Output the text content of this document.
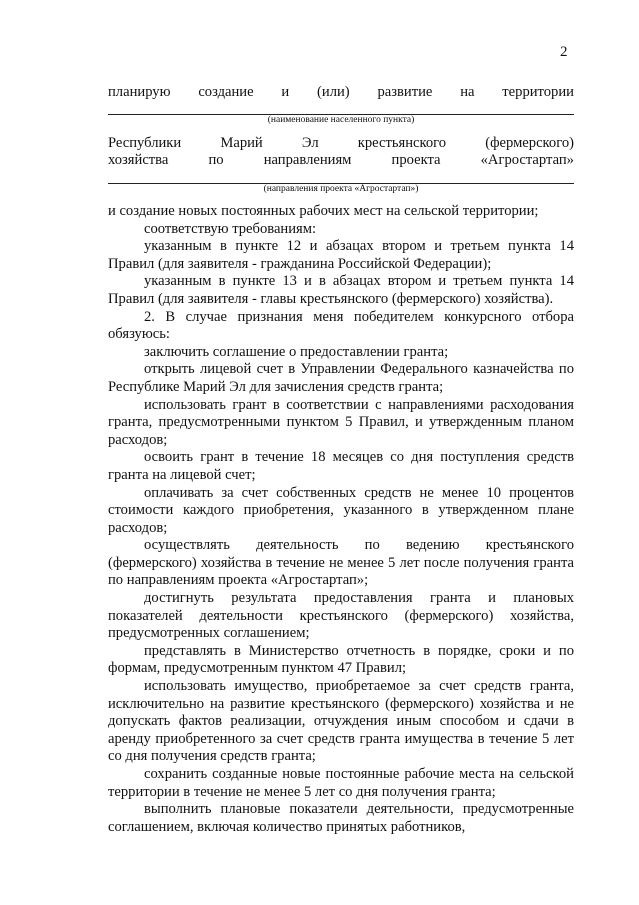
2
планирую создание и (или) развитие на территории
(наименование населенного пункта)
Республики	Марий	Эл	крестьянского	(фермерского)
хозяйства	по	направлениям	проекта	«Агростартап»
(направления проекта «Агростартап»)

и создание новых постоянных рабочих мест на сельской территории;

соответствую требованиям:

указанным в пункте 12 и абзацах втором и третьем пункта 14 Правил (для заявителя - гражданина Российской Федерации);

указанным в пункте 13 и в абзацах втором и третьем пункта 14 Правил (для заявителя - главы крестьянского (фермерского) хозяйства).

2. В случае признания меня победителем конкурсного отбора обязуюсь:

заключить соглашение о предоставлении гранта;

открыть лицевой счет в Управлении Федерального казначейства по Республике Марий Эл для зачисления средств гранта;

использовать грант в соответствии с направлениями расходования гранта, предусмотренными пунктом 5 Правил, и утвержденным планом расходов;

освоить грант в течение 18 месяцев со дня поступления средств гранта на лицевой счет;

оплачивать за счет собственных средств не менее 10 процентов стоимости каждого приобретения, указанного в утвержденном плане расходов;

осуществлять деятельность по ведению крестьянского (фермерского) хозяйства в течение не менее 5 лет после получения гранта по направлениям проекта «Агростартап»;

достигнуть результата предоставления гранта и плановых показателей деятельности крестьянского (фермерского) хозяйства, предусмотренных соглашением;

представлять в Министерство отчетность в порядке, сроки и по формам, предусмотренным пунктом 47 Правил;

использовать имущество, приобретаемое за счет средств гранта, исключительно на развитие крестьянского (фермерского) хозяйства и не допускать фактов реализации, отчуждения иным способом и сдачи в аренду приобретенного за счет средств гранта имущества в течение 5 лет со дня получения средств гранта;

сохранить созданные новые постоянные рабочие места на сельской территории в течение не менее 5 лет со дня получения гранта;

выполнить плановые показатели деятельности, предусмотренные соглашением, включая количество принятых работников,
